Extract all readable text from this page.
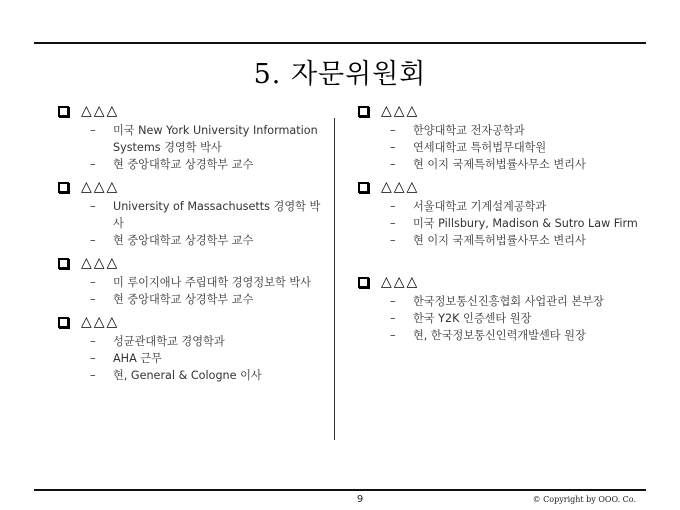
5. 자문위원회
△△△
– 미국 New York University Information Systems 경영학 박사
– 현 중앙대학교 상경학부 교수
△△△
– University of Massachusetts 경영학 박사
– 현 중앙대학교 상경학부 교수
△△△
– 미 루이지애나 주립대학 경영정보학 박사
– 현 중앙대학교 상경학부 교수
△△△
– 성균관대학교 경영학과
– AHA 근무
– 현, General & Cologne 이사
△△△
– 한양대학교 전자공학과
– 연세대학교 특허법무대학원
– 현 이지 국제특허법률사무소 변리사
△△△
– 서울대학교 기계설계공학과
– 미국 Pillsbury, Madison & Sutro Law Firm
– 현 이지 국제특허법률사무소 변리사
△△△
– 한국정보통신진흥협회 사업관리 본부장
– 한국 Y2K 인증센타 원장
– 현, 한국정보통신인력개발센타 원장
9	© Copyright by OOO. Co.
